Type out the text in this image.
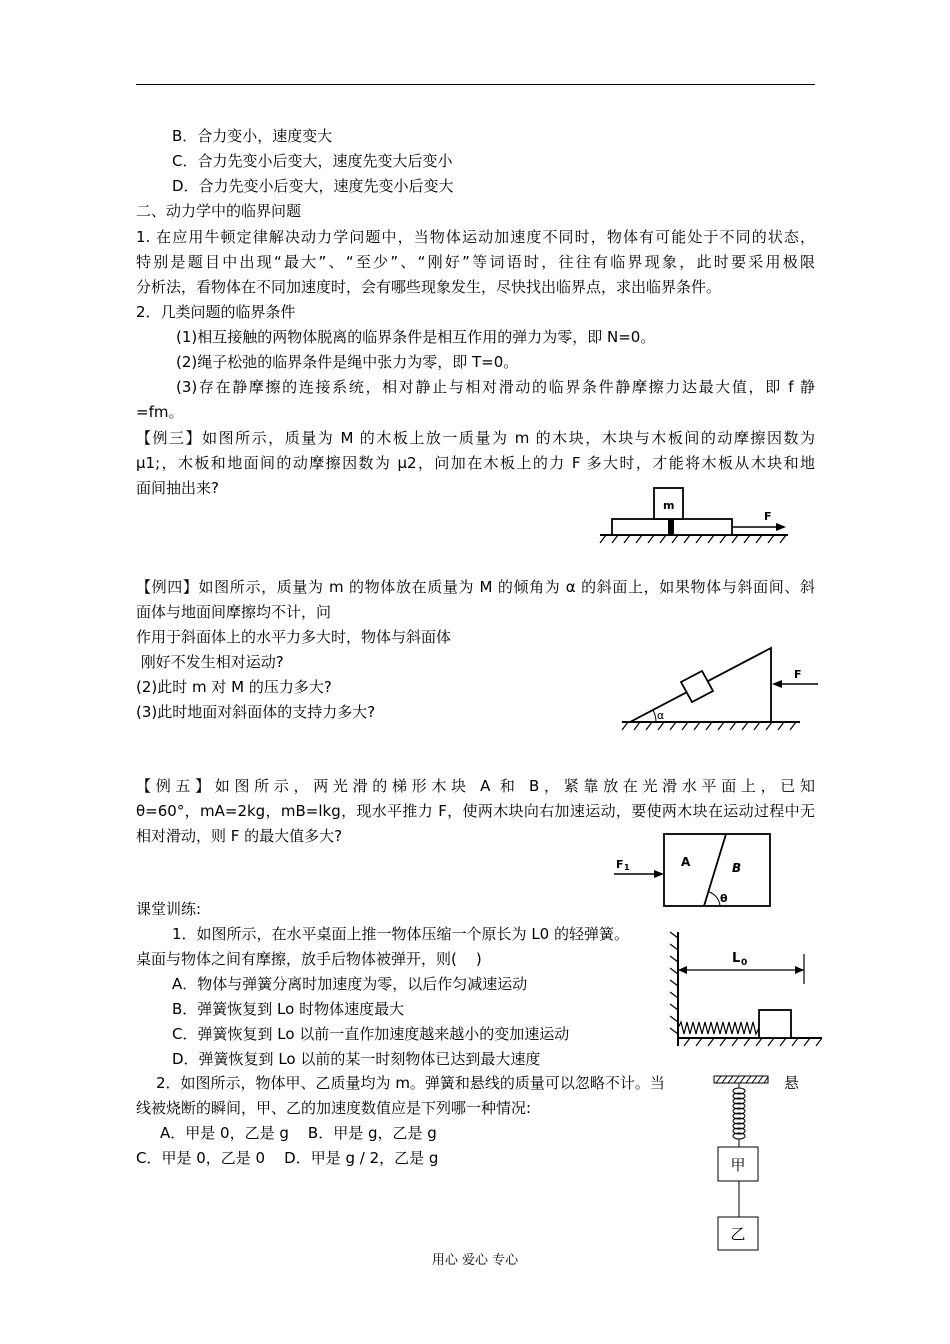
B．合力变小，速度变大
C．合力先变小后变大，速度先变大后变小
D．合力先变小后变大，速度先变小后变大
二、动力学中的临界问题
1. 在应用牛顿定律解决动力学问题中，当物体运动加速度不同时，物体有可能处于不同的状态，
特别是题目中出现“最大”、“至少”、“刚好”等词语时，往往有临界现象，此时要采用极限
分析法，看物体在不同加速度时，会有哪些现象发生，尽快找出临界点，求出临界条件。
2．几类问题的临界条件
(1)相互接触的两物体脱离的临界条件是相互作用的弹力为零，即 N=0。
(2)绳子松弛的临界条件是绳中张力为零，即 T=0。
(3)存在静摩擦的连接系统，相对静止与相对滑动的临界条件静摩擦力达最大值，即 f 静
=fm。
【例三】如图所示，质量为 M 的木板上放一质量为 m 的木块，木块与木板间的动摩擦因数为
μ1;，木板和地面间的动摩擦因数为 μ2，问加在木板上的力 F 多大时，才能将木板从木块和地
面间抽出来?
m
F
【例四】如图所示，质量为 m 的物体放在质量为 M 的倾角为 α 的斜面上，如果物体与斜面间、斜
面体与地面间摩擦均不计，问
作用于斜面体上的水平力多大时，物体与斜面体
刚好不发生相对运动?
(2)此时 m 对 M 的压力多大?
(3)此时地面对斜面体的支持力多大?	α
F
【例五】如图所示，两光滑的梯形木块 A 和 B，紧靠放在光滑水平面上，已知
θ=60°，mA=2kg，mB=lkg，现水平推力 F，使两木块向右加速运动，要使两木块在运动过程中无
相对滑动，则 F 的最大值多大?
A	B
θ
F 1
课堂训练:
1．如图所示，在水平桌面上推一物体压缩一个原长为 L0 的轻弹簧。
桌面与物体之间有摩擦，放手后物体被弹开，则(    )
A．物体与弹簧分离时加速度为零，以后作匀减速运动
B．弹簧恢复到 Lo 时物体速度最大
C．弹簧恢复到 Lo 以前一直作加速度越来越小的变加速运动
D．弹簧恢复到 Lo 以前的某一时刻物体已达到最大速度
L 0
2．如图所示，物体甲、乙质量均为 m。弹簧和悬线的质量可以忽略不计。当	悬
线被烧断的瞬间，甲、乙的加速度数值应是下列哪一种情况:
A．甲是 0，乙是 g    B．甲是 g，乙是 g
C．甲是 0，乙是 0    D．甲是 g / 2，乙是 g	甲
乙
用心 爱心 专心
